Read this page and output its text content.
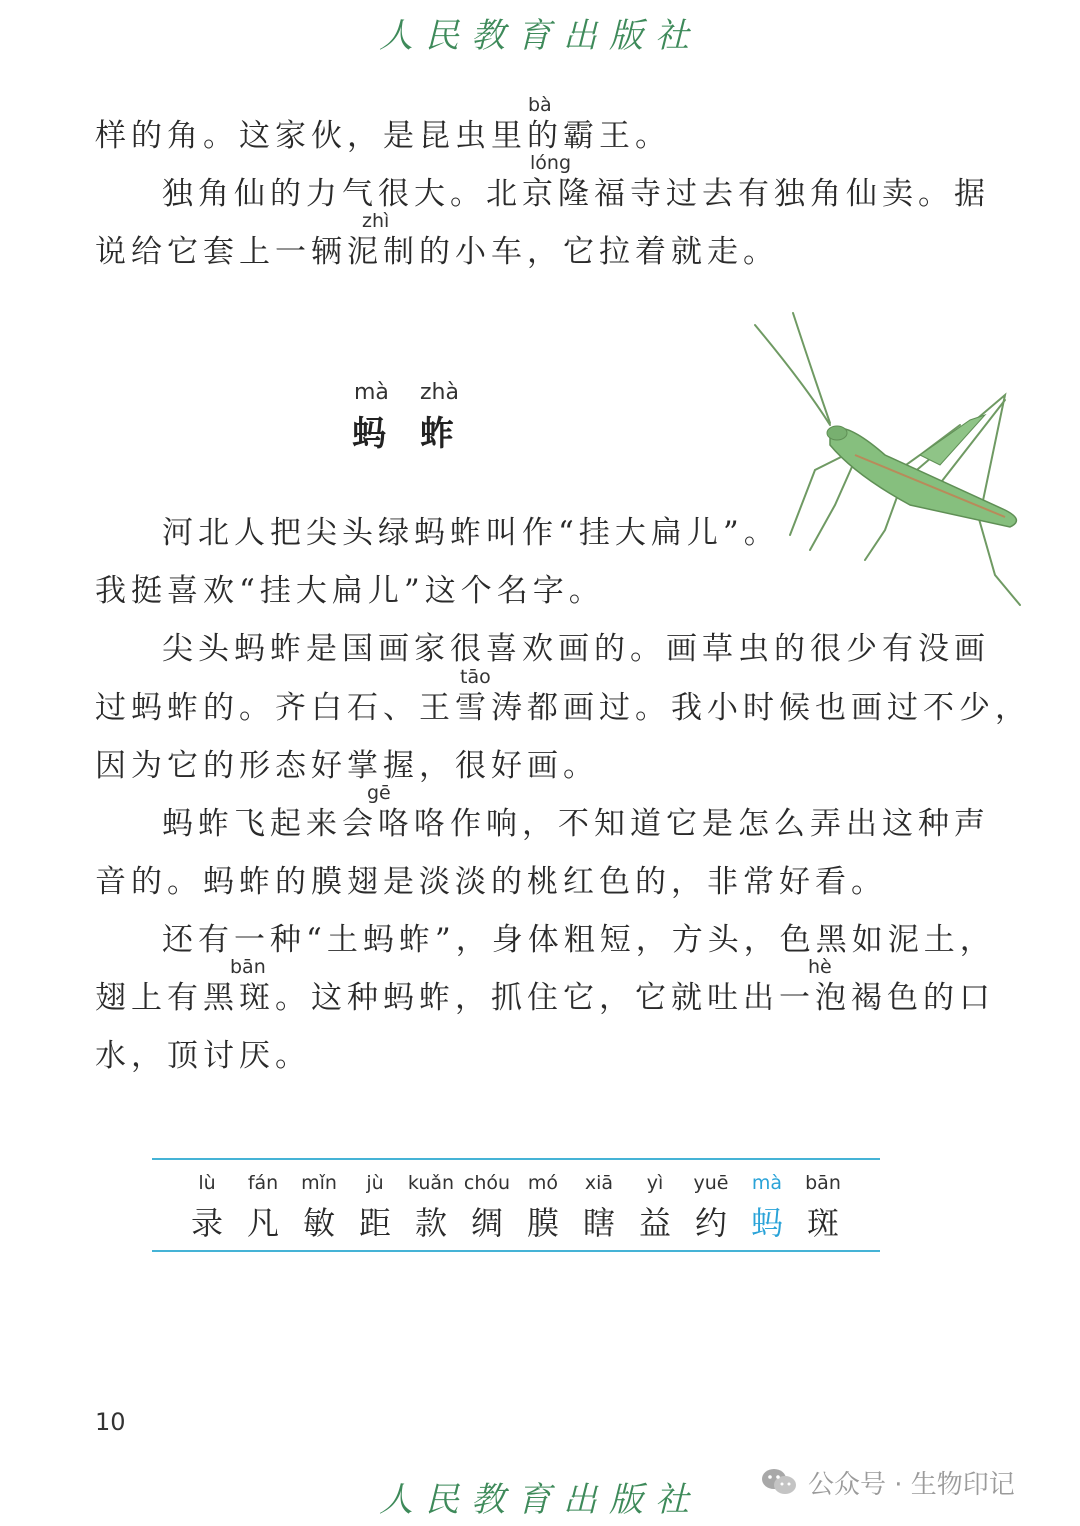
人民教育出版社
bà
样的角。这家伙，是昆虫里的霸王。
lóng
独角仙的力气很大。北京隆福寺过去有独角仙卖。据
zhì
说给它套上一辆泥制的小车，它拉着就走。
mà zhà
蚂 蚱
河北人把尖头绿蚂蚱叫作“挂大扁儿”。
我挺喜欢“挂大扁儿”这个名字。
尖头蚂蚱是国画家很喜欢画的。画草虫的很少有没画
tāo
过蚂蚱的。齐白石、王雪涛都画过。我小时候也画过不少，
因为它的形态好掌握，很好画。
gē
蚂蚱飞起来会咯咯作响，不知道它是怎么弄出这种声
音的。蚂蚱的膜翅是淡淡的桃红色的，非常好看。
还有一种“土蚂蚱”，身体粗短，方头，色黑如泥土，
bān	hè
翅上有黑斑。这种蚂蚱，抓住它，它就吐出一泡褐色的口
水，顶讨厌。
lù
录
fán
凡
mǐn
敏
jù
距
kuǎn
款
chóu
绸
mó
膜
xiā
瞎
yì
益
yuē
约
mà
蚂
bān
斑
10
人民教育出版社	公众号 · 生物印记
